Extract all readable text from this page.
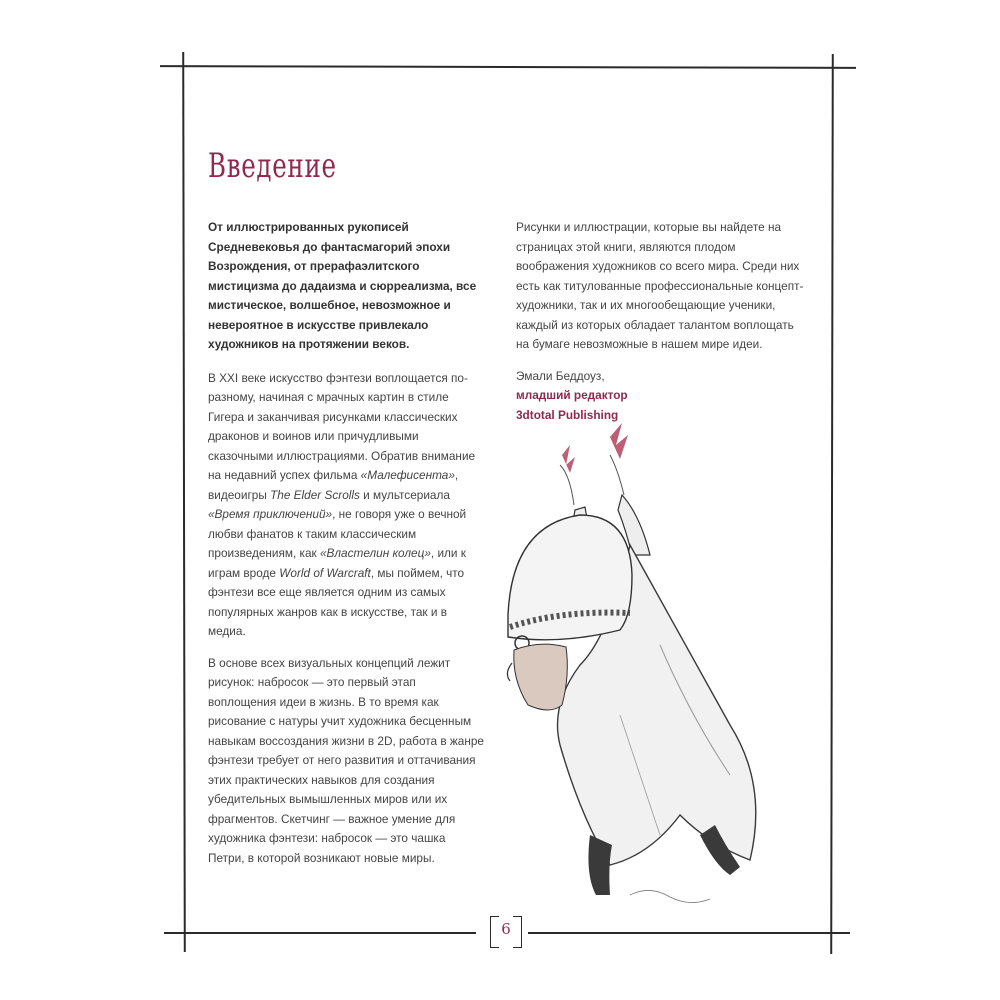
6
Введение

От иллюстрированных рукописей Средневековья до фантасмагорий эпохи Возрождения, от прерафаэлитского мистицизма до дадаизма и сюрреализма, все мистическое, волшебное, невозможное и невероятное в искусстве привлекало художников на протяжении веков.

В XXI веке искусство фэнтези воплощается по-разному, начиная с мрачных картин в стиле Гигера и заканчивая рисунками классических драконов и воинов или причудливыми сказочными иллюстрациями. Обратив внимание на недавний успех фильма «Малефисента», видеоигры The Elder Scrolls и мультсериала «Время приключений», не говоря уже о вечной любви фанатов к таким классическим произведениям, как «Властелин колец», или к играм вроде World of Warcraft, мы поймем, что фэнтези все еще является одним из самых популярных жанров как в искусстве, так и в медиа.

В основе всех визуальных концепций лежит рисунок: набросок — это первый этап воплощения идеи в жизнь. В то время как рисование с натуры учит художника бесценным навыкам воссоздания жизни в 2D, работа в жанре фэнтези требует от него развития и оттачивания этих практических навыков для создания убедительных вымышленных миров или их фрагментов. Скетчинг — важное умение для художника фэнтези: набросок — это чашка Петри, в которой возникают новые миры.

Рисунки и иллюстрации, которые вы найдете на страницах этой книги, являются плодом воображения художников со всего мира. Среди них есть как титулованные профессиональные концепт-художники, так и их многообещающие ученики, каждый из которых обладает талантом воплощать на бумаге невозможные в нашем мире идеи.

Эмали Беддоуз,
младший редактор
3dtotal Publishing
